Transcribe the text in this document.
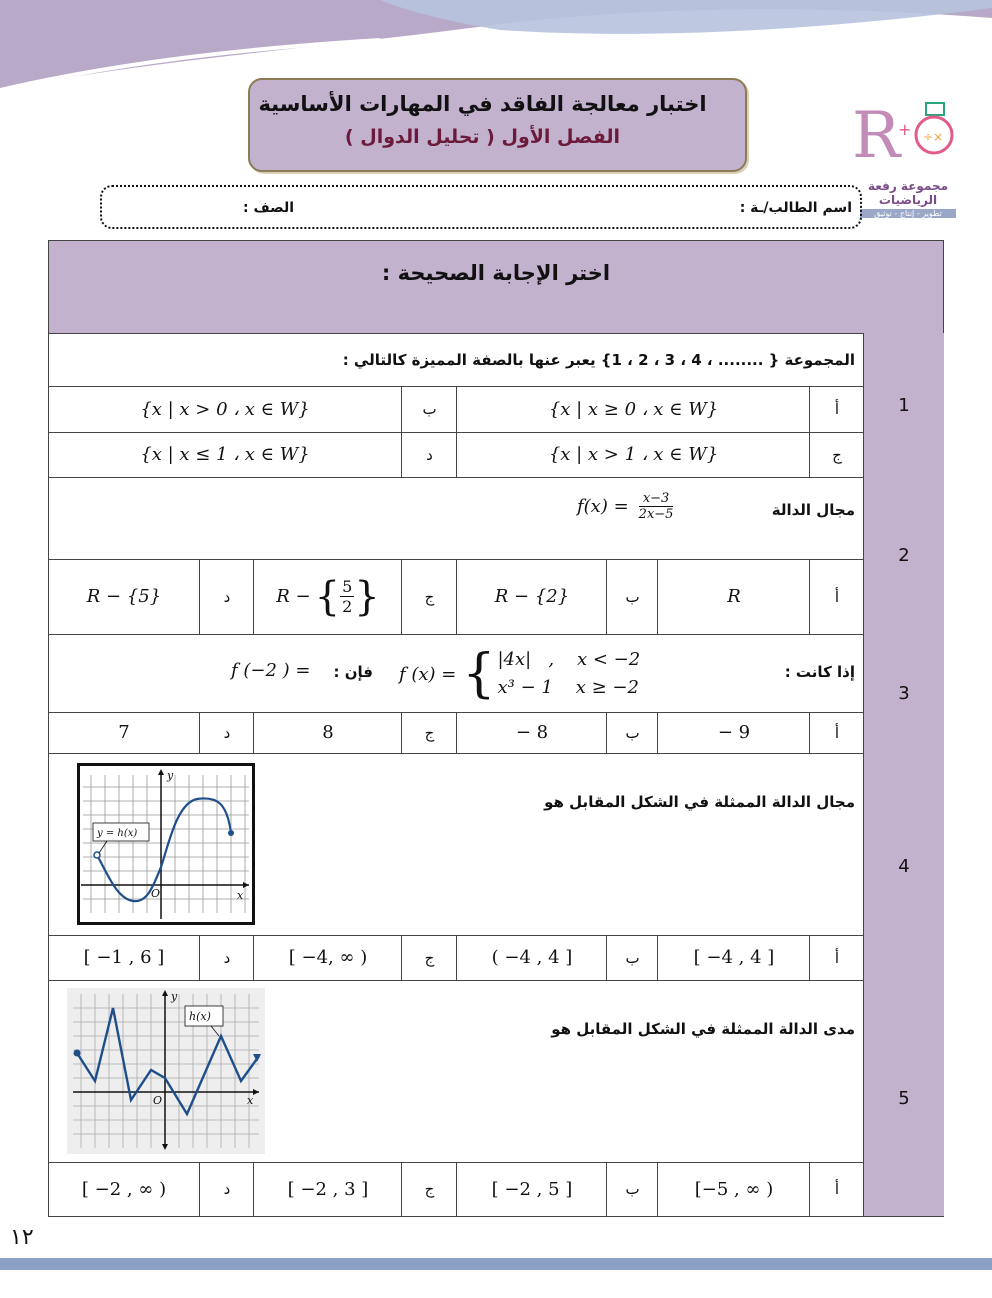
R
+ ÷×
مجموعة رفعة الرياضيات
تطوير - إنتاج - توثيق
اختبار معالجة الفاقد في المهارات الأساسية
الفصل الأول ( تحليل الدوال )
اسم الطالب/ـة :
الصف :
اختر الإجابة الصحيحة :
1
المجموعة { ........ ، 4 ، 3 ، 2 ، 1} يعبر عنها بالصفة المميزة كالتالي :
أ
{x | x ≥ 0 ، x ∈ W}
ب
{x | x > 0 ، x ∈ W}
ج
{x | x > 1 ، x ∈ W}
د
{x | x ≤ 1 ، x ∈ W}
2
مجال الدالة
$f(x) = \frac{x-3}{2x-5}$
أ
R
ب
R − {2}
ج
R − { $\frac{5}{2}$ }
د
R − {5}
3
إذا كانت :
f (x) = { |4x|   ,    x < −2
x³ − 1    x ≥ −2
فإن :
f (−2 ) =
أ
− 9
ب
− 8
ج
8
د
7
4
مجال الدالة الممثلة في الشكل المقابل هو
y = h(x)
x
y
O
أ
[ −4 , 4 ]
ب
( −4 , 4 ]
ج
[ −4, ∞ )
د
[ −1 , 6 ]
5
مدى الدالة الممثلة في الشكل المقابل هو
h(x)
x
y
O
أ
[−5 , ∞ )
ب
[ −2 , 5 ]
ج
[ −2 , 3 ]
د
[ −2 , ∞ )
١٢
